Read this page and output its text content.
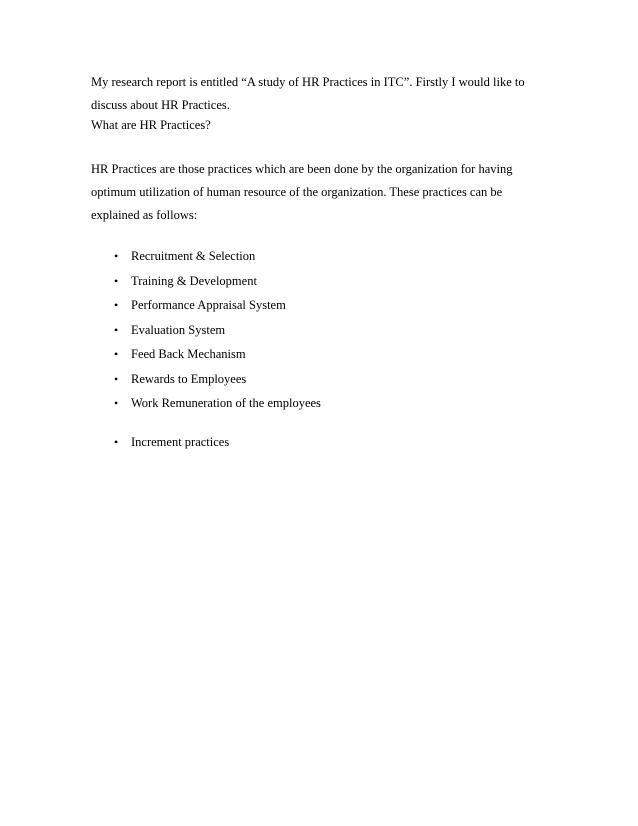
My research report is entitled “A study of HR Practices in ITC”. Firstly I would like to
discuss about HR Practices.
What are HR Practices?
HR Practices are those practices which are been done by the organization for having
optimum utilization of human resource of the organization. These practices can be
explained as follows:
•Recruitment & Selection
•Training & Development
•Performance Appraisal System
•Evaluation System
•Feed Back Mechanism
•Rewards to Employees
•Work Remuneration of the employees
•Increment practices
